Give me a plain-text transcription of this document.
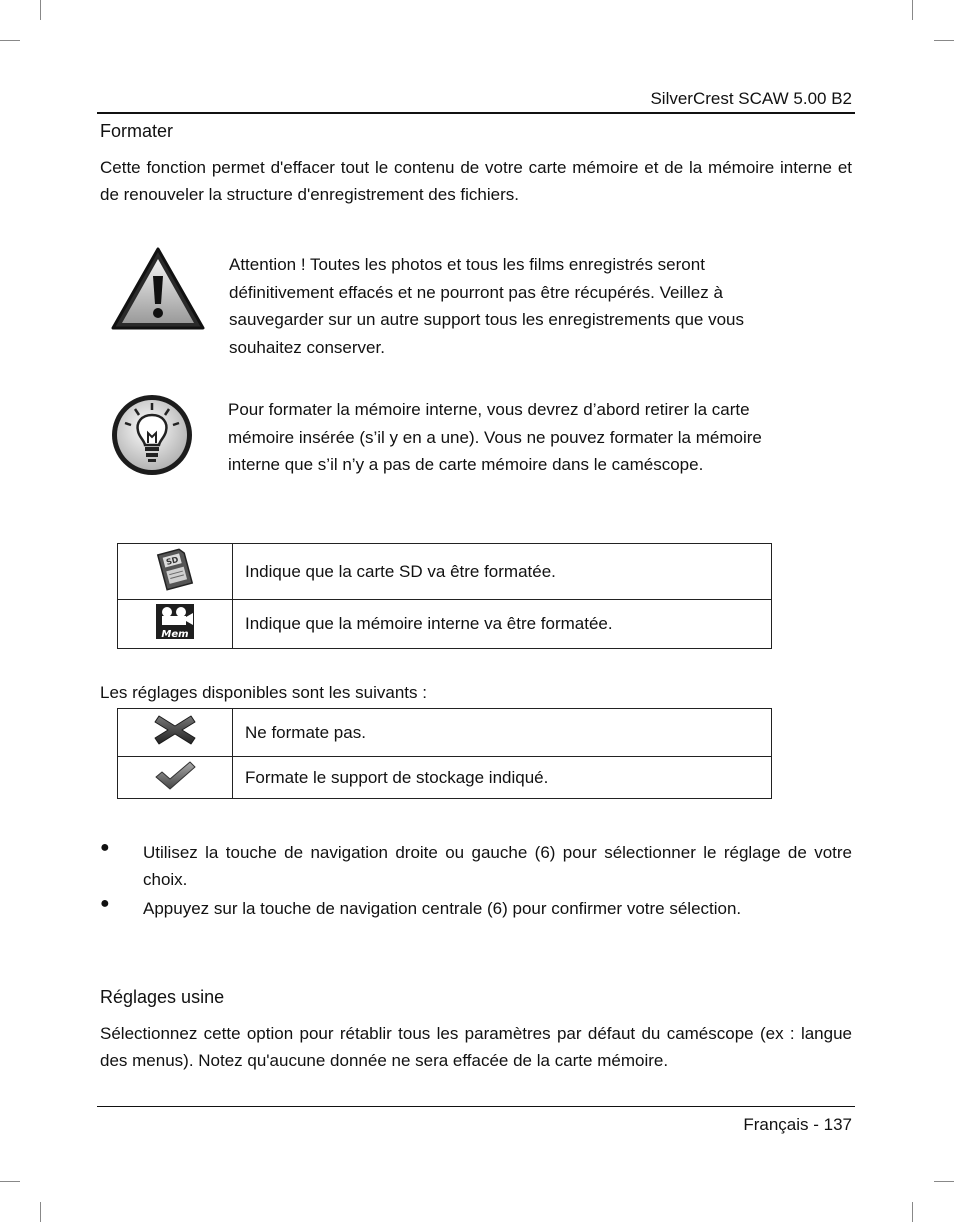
SilverCrest SCAW 5.00 B2
Formater
Cette fonction permet d'effacer tout le contenu de votre carte mémoire et de la mémoire interne et de renouveler la structure d'enregistrement des fichiers.
Attention ! Toutes les photos et tous les films enregistrés seront définitivement effacés et ne pourront pas être récupérés. Veillez à sauvegarder sur un autre support tous les enregistrements que vous souhaitez conserver.
Pour formater la mémoire interne, vous devrez d’abord retirer la carte mémoire insérée (s’il y en a une). Vous ne pouvez formater la mémoire interne que s’il n’y a pas de carte mémoire dans le caméscope.
SD	Indique que la carte SD va être formatée.

Mem	Indique que la mémoire interne va être formatée.
Les réglages disponibles sont les suivants :
	Ne formate pas.
	Formate le support de stockage indiqué.
● Utilisez la touche de navigation droite ou gauche (6) pour sélectionner le réglage de votre choix.
● Appuyez sur la touche de navigation centrale (6) pour confirmer votre sélection.
Réglages usine
Sélectionnez cette option pour rétablir tous les paramètres par défaut du caméscope (ex : langue des menus). Notez qu'aucune donnée ne sera effacée de la carte mémoire.
Français - 137
